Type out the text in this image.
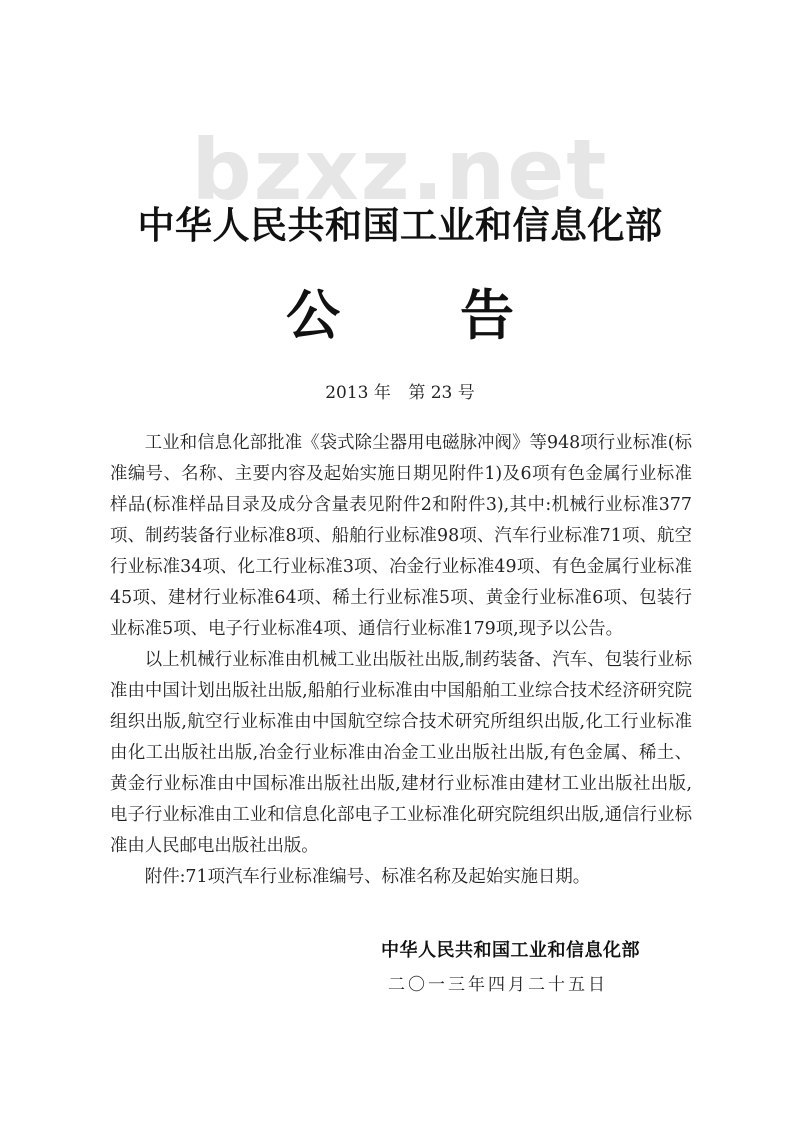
bzxz.net
中华人民共和国工业和信息化部
公 告
2013 年 第 23 号

工业和信息化部批准《袋式除尘器用电磁脉冲阀》等948项行业标准(标准编号、名称、主要内容及起始实施日期见附件1)及6项有色金属行业标准样品(标准样品目录及成分含量表见附件2和附件3),其中:机械行业标准377项、制药装备行业标准8项、船舶行业标准98项、汽车行业标准71项、航空行业标准34项、化工行业标准3项、冶金行业标准49项、有色金属行业标准45项、建材行业标准64项、稀土行业标准5项、黄金行业标准6项、包装行业标准5项、电子行业标准4项、通信行业标准179项,现予以公告。

以上机械行业标准由机械工业出版社出版,制药装备、汽车、包装行业标准由中国计划出版社出版,船舶行业标准由中国船舶工业综合技术经济研究院组织出版,航空行业标准由中国航空综合技术研究所组织出版,化工行业标准由化工出版社出版,冶金行业标准由冶金工业出版社出版,有色金属、稀土、黄金行业标准由中国标准出版社出版,建材行业标准由建材工业出版社出版,电子行业标准由工业和信息化部电子工业标准化研究院组织出版,通信行业标准由人民邮电出版社出版。

附件:71项汽车行业标准编号、标准名称及起始实施日期。

中华人民共和国工业和信息化部
二〇一三年四月二十五日
